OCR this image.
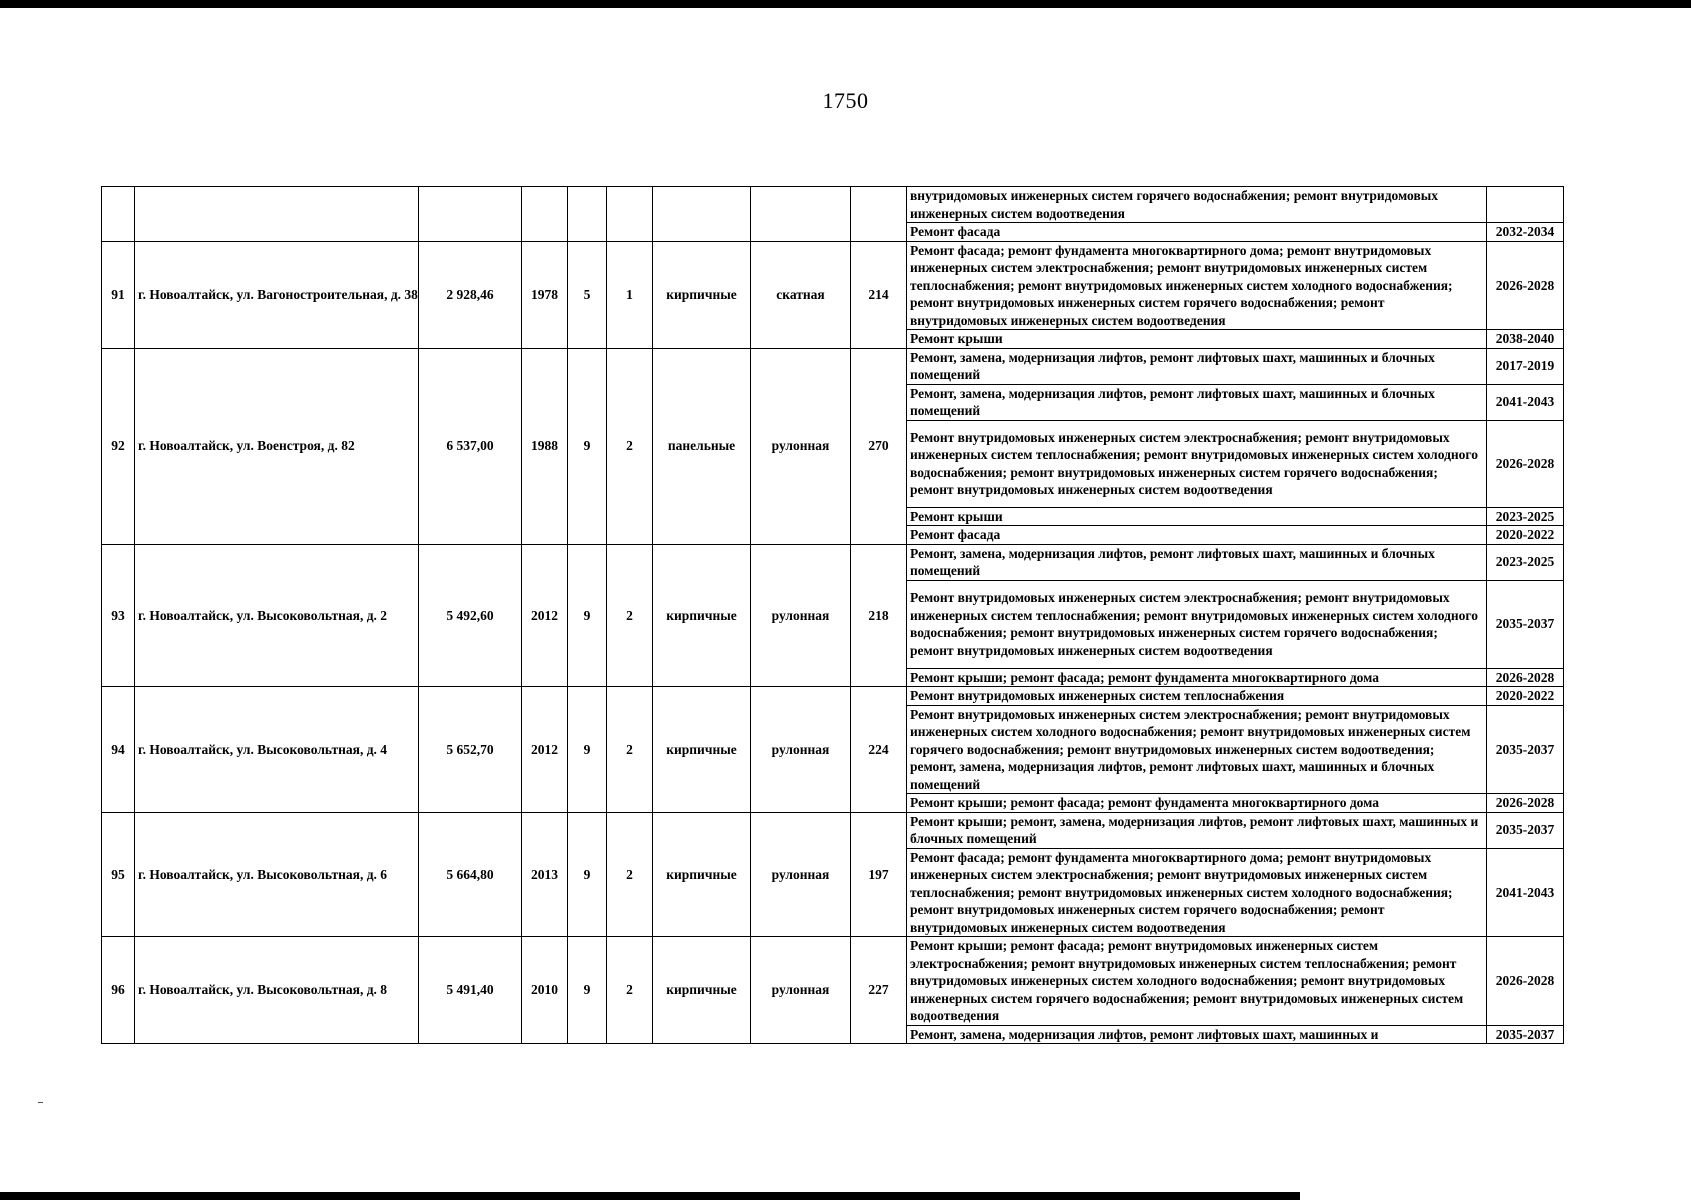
1750
									внутридомовых инженерных систем горячего водоснабжения; ремонт внутридомовых инженерных систем водоотведения	
									Ремонт фасада	2032-2034
91	г. Новоалтайск, ул. Вагоностроительная, д. 38	2 928,46	1978	5	1	кирпичные	скатная	214	Ремонт фасада; ремонт фундамента многоквартирного дома; ремонт внутридомовых инженерных систем электроснабжения; ремонт внутридомовых инженерных систем теплоснабжения; ремонт внутридомовых инженерных систем холодного водоснабжения; ремонт внутридомовых инженерных систем горячего водоснабжения; ремонт внутридомовых инженерных систем водоотведения	2026-2028
									Ремонт крыши	2038-2040
92	г. Новоалтайск, ул. Военстроя, д. 82	6 537,00	1988	9	2	панельные	рулонная	270	Ремонт, замена, модернизация лифтов, ремонт лифтовых шахт, машинных и блочных помещений	2017-2019
									Ремонт, замена, модернизация лифтов, ремонт лифтовых шахт, машинных и блочных помещений	2041-2043
									Ремонт внутридомовых инженерных систем электроснабжения; ремонт внутридомовых инженерных систем теплоснабжения; ремонт внутридомовых инженерных систем холодного водоснабжения; ремонт внутридомовых инженерных систем горячего водоснабжения; ремонт внутридомовых инженерных систем водоотведения	2026-2028
									Ремонт крыши	2023-2025
									Ремонт фасада	2020-2022
93	г. Новоалтайск, ул. Высоковольтная, д. 2	5 492,60	2012	9	2	кирпичные	рулонная	218	Ремонт, замена, модернизация лифтов, ремонт лифтовых шахт, машинных и блочных помещений	2023-2025
									Ремонт внутридомовых инженерных систем электроснабжения; ремонт внутридомовых инженерных систем теплоснабжения; ремонт внутридомовых инженерных систем холодного водоснабжения; ремонт внутридомовых инженерных систем горячего водоснабжения; ремонт внутридомовых инженерных систем водоотведения	2035-2037
									Ремонт крыши; ремонт фасада; ремонт фундамента многоквартирного дома	2026-2028
94	г. Новоалтайск, ул. Высоковольтная, д. 4	5 652,70	2012	9	2	кирпичные	рулонная	224	Ремонт внутридомовых инженерных систем теплоснабжения	2020-2022
									Ремонт внутридомовых инженерных систем электроснабжения; ремонт внутридомовых инженерных систем холодного водоснабжения; ремонт внутридомовых инженерных систем горячего водоснабжения; ремонт внутридомовых инженерных систем водоотведения; ремонт, замена, модернизация лифтов, ремонт лифтовых шахт, машинных и блочных помещений	2035-2037
									Ремонт крыши; ремонт фасада; ремонт фундамента многоквартирного дома	2026-2028
95	г. Новоалтайск, ул. Высоковольтная, д. 6	5 664,80	2013	9	2	кирпичные	рулонная	197	Ремонт крыши; ремонт, замена, модернизация лифтов, ремонт лифтовых шахт, машинных и блочных помещений	2035-2037
									Ремонт фасада; ремонт фундамента многоквартирного дома; ремонт внутридомовых инженерных систем электроснабжения; ремонт внутридомовых инженерных систем теплоснабжения; ремонт внутридомовых инженерных систем холодного водоснабжения; ремонт внутридомовых инженерных систем горячего водоснабжения; ремонт внутридомовых инженерных систем водоотведения	2041-2043
96	г. Новоалтайск, ул. Высоковольтная, д. 8	5 491,40	2010	9	2	кирпичные	рулонная	227	Ремонт крыши; ремонт фасада; ремонт внутридомовых инженерных систем электроснабжения; ремонт внутридомовых инженерных систем теплоснабжения; ремонт внутридомовых инженерных систем холодного водоснабжения; ремонт внутридомовых инженерных систем горячего водоснабжения; ремонт внутридомовых инженерных систем водоотведения	2026-2028
									Ремонт, замена, модернизация лифтов, ремонт лифтовых шахт, машинных и	2035-2037
